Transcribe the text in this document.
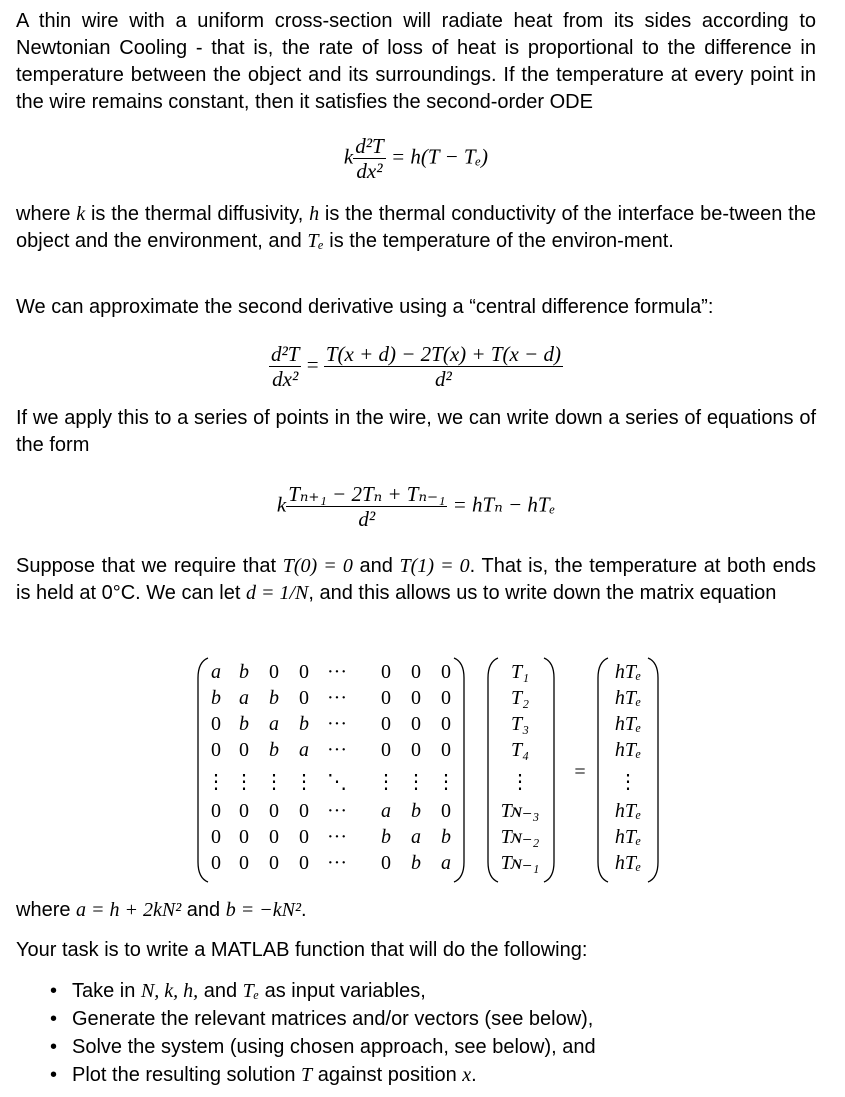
A thin wire with a uniform cross-section will radiate heat from its sides according to Newtonian Cooling - that is, the rate of loss of heat is proportional to the difference in temperature between the object and its surroundings. If the temperature at every point in the wire remains constant, then it satisfies the second-order ODE

k $\frac{\text{d²T}}{\text{dx²}} = h(T - T_e)$

where k is the thermal diffusivity, h is the thermal conductivity of the interface be-tween the object and the environment, and Tₑ is the temperature of the environ-ment.

We can approximate the second derivative using a “central difference formula”:

$\frac{\text{d²T}}{\text{dx²}} = \frac{T(x + d) - 2T(x) + T(x - d)}{\text{d²}}$

If we apply this to a series of points in the wire, we can write down a series of equations of the form

k $\frac{\text{Tₙ₊₁ − 2Tₙ + Tₙ₋₁}}{\text{d²}} = hT_n - hT_e$

Suppose that we require that T(0) = 0 and T(1) = 0. That is, the temperature at both ends is held at 0°C. We can let d = 1/N, and this allows us to write down the matrix equation

a b 0 0 ··· 0 0 0
b a b 0 ··· 0 0 0
0 b a b ··· 0 0 0
0 0 b a ··· 0 0 0
⋮ ⋮ ⋮ ⋮ ⋱ ⋮ ⋮ ⋮
0 0 0 0 ··· a b 0
0 0 0 0 ··· b a b
0 0 0 0 ··· 0 b a
T₁
T₂
T₃
T₄
⋮
Tɴ₋₃
Tɴ₋₂
Tɴ₋₁
hTₑ
hTₑ
hTₑ
hTₑ
⋮
hTₑ
hTₑ
hTₑ
=

where a = h + 2kN² and b = −kN².

Your task is to write a MATLAB function that will do the following:

• Take in N, k, h, and Tₑ as input variables,
• Generate the relevant matrices and/or vectors (see below),
• Solve the system (using chosen approach, see below), and
• Plot the resulting solution T against position x.
